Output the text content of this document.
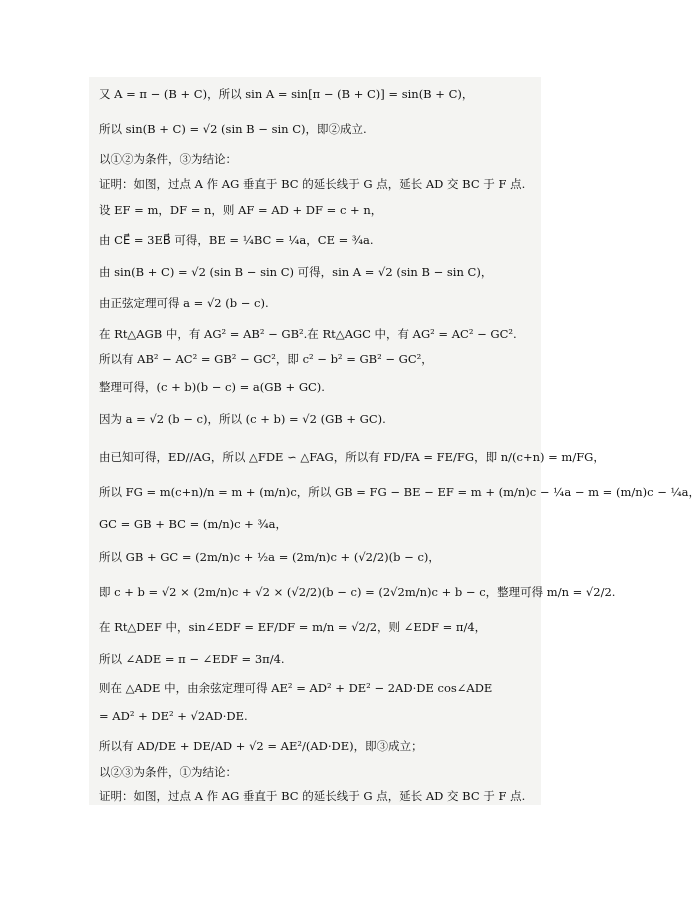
又 A = π − (B + C)，所以 sin A = sin[π − (B + C)] = sin(B + C)，
所以 sin(B + C) = √2 (sin B − sin C)，即②成立.
以①②为条件，③为结论：
证明：如图，过点 A 作 AG 垂直于 BC 的延长线于 G 点，延长 AD 交 BC 于 F 点.
设 EF = m，DF = n，则 AF = AD + DF = c + n，
由 CE⃗ = 3EB⃗ 可得，BE = ¼BC = ¼a，CE = ¾a.
由 sin(B + C) = √2 (sin B − sin C) 可得，sin A = √2 (sin B − sin C)，
由正弦定理可得 a = √2 (b − c).
在 Rt△AGB 中，有 AG² = AB² − GB².在 Rt△AGC 中，有 AG² = AC² − GC².
所以有 AB² − AC² = GB² − GC²，即 c² − b² = GB² − GC²，
整理可得，(c + b)(b − c) = a(GB + GC).
因为 a = √2 (b − c)，所以 (c + b) = √2 (GB + GC).
由已知可得，ED//AG，所以 △FDE ∽ △FAG，所以有 FD/FA = FE/FG，即 n/(c+n) = m/FG，
所以 FG = m(c+n)/n = m + (m/n)c，所以 GB = FG − BE − EF = m + (m/n)c − ¼a − m = (m/n)c − ¼a，
GC = GB + BC = (m/n)c + ¾a，
所以 GB + GC = (2m/n)c + ½a = (2m/n)c + (√2/2)(b − c)，
即 c + b = √2 × (2m/n)c + √2 × (√2/2)(b − c) = (2√2m/n)c + b − c，整理可得 m/n = √2/2.
在 Rt△DEF 中，sin∠EDF = EF/DF = m/n = √2/2，则 ∠EDF = π/4，
所以 ∠ADE = π − ∠EDF = 3π/4.
则在 △ADE 中，由余弦定理可得 AE² = AD² + DE² − 2AD·DE cos∠ADE
= AD² + DE² + √2AD·DE.
所以有 AD/DE + DE/AD + √2 = AE²/(AD·DE)，即③成立；
以②③为条件，①为结论：
证明：如图，过点 A 作 AG 垂直于 BC 的延长线于 G 点，延长 AD 交 BC 于 F 点.
